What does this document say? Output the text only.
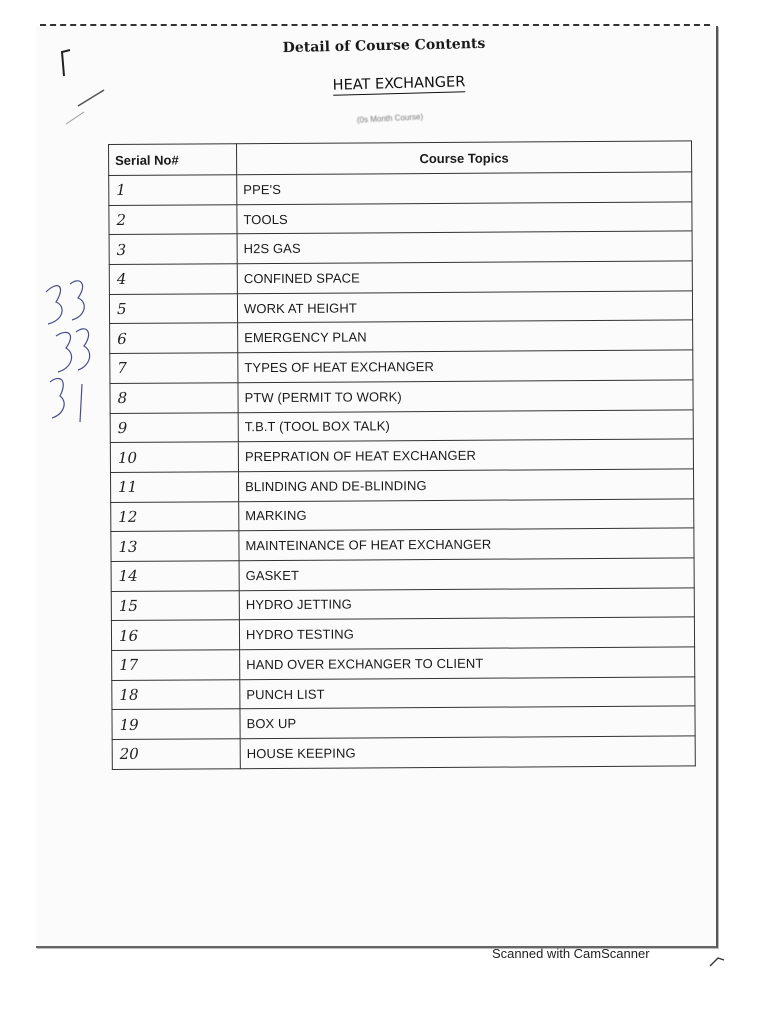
Detail of Course Contents
HEAT EXCHANGER
(0s Month Course)
Serial No#	Course Topics
1	PPE'S
2	TOOLS
3	H2S GAS
4	CONFINED SPACE
5	WORK AT HEIGHT
6	EMERGENCY PLAN
7	TYPES OF HEAT EXCHANGER
8	PTW (PERMIT TO WORK)
9	T.B.T (TOOL BOX TALK)
10	PREPRATION OF HEAT EXCHANGER
11	BLINDING AND DE-BLINDING
12	MARKING
13	MAINTEINANCE OF HEAT EXCHANGER
14	GASKET
15	HYDRO JETTING
16	HYDRO TESTING
17	HAND OVER EXCHANGER TO CLIENT
18	PUNCH LIST
19	BOX UP
20	HOUSE KEEPING
Scanned with CamScanner
